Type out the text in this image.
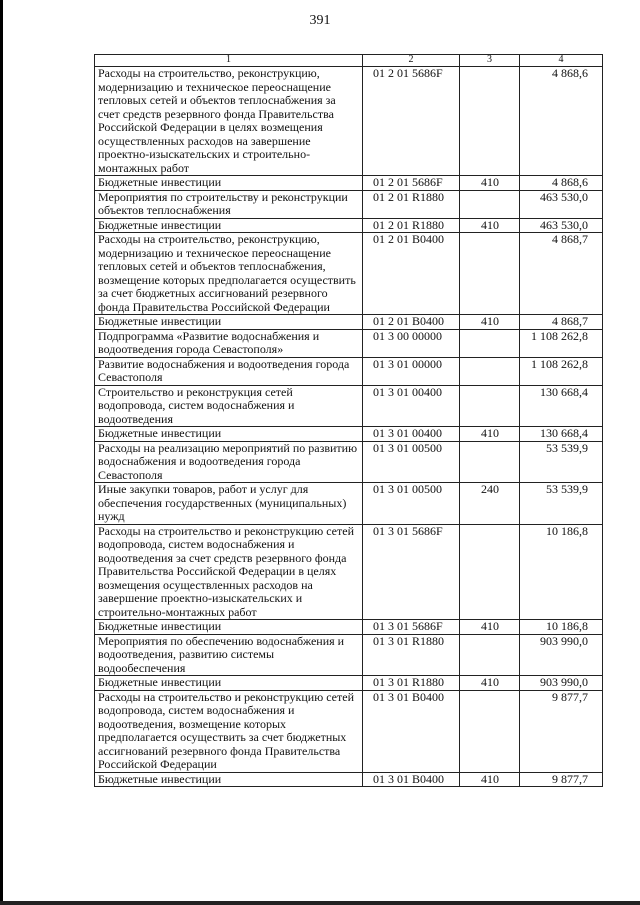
391
1	2	3	4
Расходы на строительство, реконструкцию, модернизацию и техническое переоснащение тепловых сетей и объектов теплоснабжения за счет средств резервного фонда Правительства Российской Федерации в целях возмещения осуществленных расходов на завершение проектно-изыскательских и строительно-монтажных работ	01 2 01 5686F		4 868,6
Бюджетные инвестиции	01 2 01 5686F	410	4 868,6
Мероприятия по строительству и реконструкции объектов теплоснабжения	01 2 01 R1880		463 530,0
Бюджетные инвестиции	01 2 01 R1880	410	463 530,0
Расходы на строительство, реконструкцию, модернизацию и техническое переоснащение тепловых сетей и объектов теплоснабжения, возмещение которых предполагается осуществить за счет бюджетных ассигнований резервного фонда Правительства Российской Федерации	01 2 01 B0400		4 868,7
Бюджетные инвестиции	01 2 01 B0400	410	4 868,7
Подпрограмма «Развитие водоснабжения и водоотведения города Севастополя»	01 3 00 00000		1 108 262,8
Развитие водоснабжения и водоотведения города Севастополя	01 3 01 00000		1 108 262,8
Строительство и реконструкция сетей водопровода, систем водоснабжения и водоотведения	01 3 01 00400		130 668,4
Бюджетные инвестиции	01 3 01 00400	410	130 668,4
Расходы на реализацию мероприятий по развитию водоснабжения и водоотведения города Севастополя	01 3 01 00500		53 539,9
Иные закупки товаров, работ и услуг для обеспечения государственных (муниципальных) нужд	01 3 01 00500	240	53 539,9
Расходы на строительство и реконструкцию сетей водопровода, систем водоснабжения и водоотведения за счет средств резервного фонда Правительства Российской Федерации в целях возмещения осуществленных расходов на завершение проектно-изыскательских и строительно-монтажных работ	01 3 01 5686F		10 186,8
Бюджетные инвестиции	01 3 01 5686F	410	10 186,8
Мероприятия по обеспечению водоснабжения и водоотведения, развитию системы водообеспечения	01 3 01 R1880		903 990,0
Бюджетные инвестиции	01 3 01 R1880	410	903 990,0
Расходы на строительство и реконструкцию сетей водопровода, систем водоснабжения и водоотведения, возмещение которых предполагается осуществить за счет бюджетных ассигнований резервного фонда Правительства Российской Федерации	01 3 01 B0400		9 877,7
Бюджетные инвестиции	01 3 01 B0400	410	9 877,7
